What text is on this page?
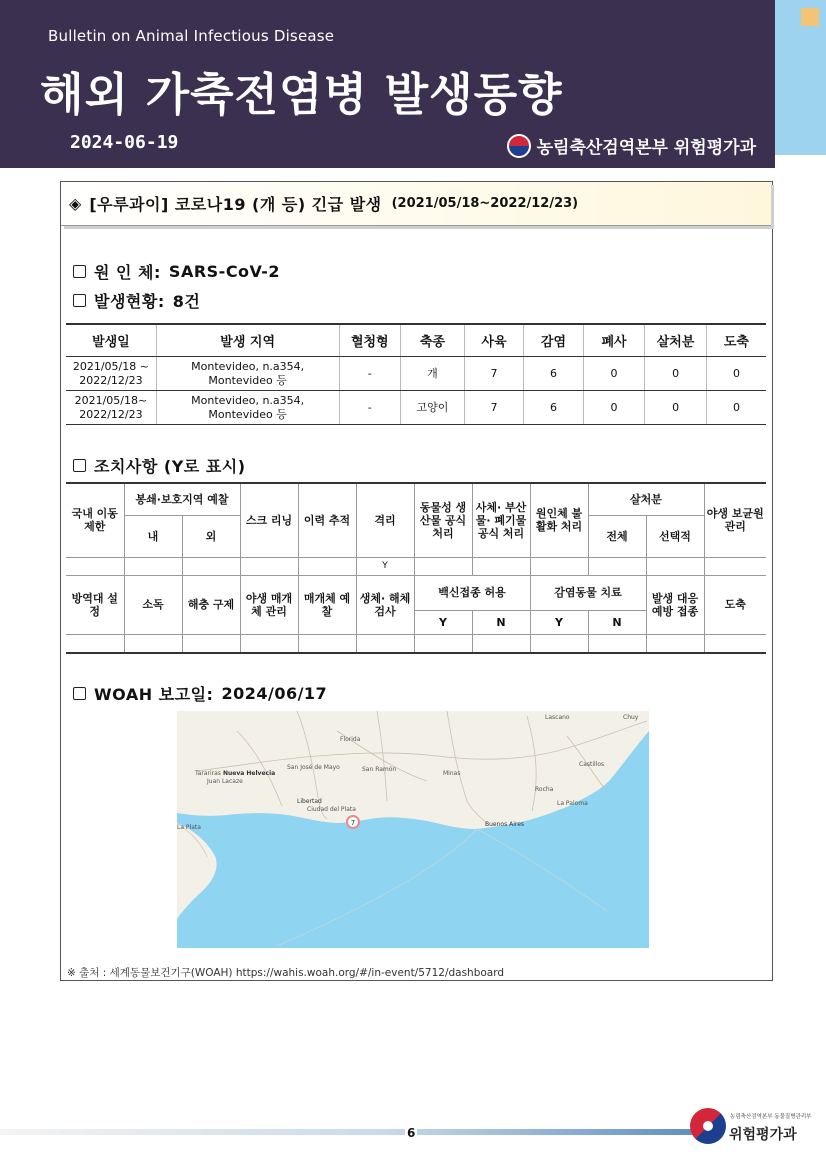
Bulletin on Animal Infectious Disease
해외 가축전염병 발생동향
2024-06-19	농림축산검역본부 위험평가과
◈ [우루과이] 코로나19 (개 등) 긴급 발생 (2021/05/18~2022/12/23)
원 인 체: SARS-CoV-2
발생현황: 8건
발생일	발생 지역	혈청형	축종	사육	감염	폐사	살처분	도축
2021/05/18 ~ 2022/12/23	Montevideo, n.a354, Montevideo 등	-	개	7	6	0	0	0
2021/05/18~ 2022/12/23	Montevideo, n.a354, Montevideo 등	-	고양이	7	6	0	0	0
조치사항 (Y로 표시)
국내 이동 제한	봉쇄·보호지역 예찰		스크 리닝	이력 추적	격리	동물성 생산물 공식 처리	사체· 부산물· 폐기물 공식 처리	원인체 불활화 처리	살처분		야생 보균원 관리
	내	외							전체	선택적	
					Y						
방역대 설정	소독	해충 구제	야생 매개체 관리	매개체 예찰	생체· 해체 검사	백신접종 허용		감염동물 치료		발생 대응 예방 접종	도축
						Y	N	Y	N		

WOAH 보고일: 2024/06/17
7
Lascano	Chuy
Castillos
Rocha
La Paloma
Minas
Florida
San José de Mayo	San Ramón
Tarariras Nueva Helvecia
Juan Lacaze
Libertad
Ciudad del Plata
La Plata	Buenos Aires
※ 출처 : 세계동물보건기구(WOAH) https://wahis.woah.org/#/in-event/5712/dashboard
6
농림축산검역본부 동물질병관리부
위험평가과
